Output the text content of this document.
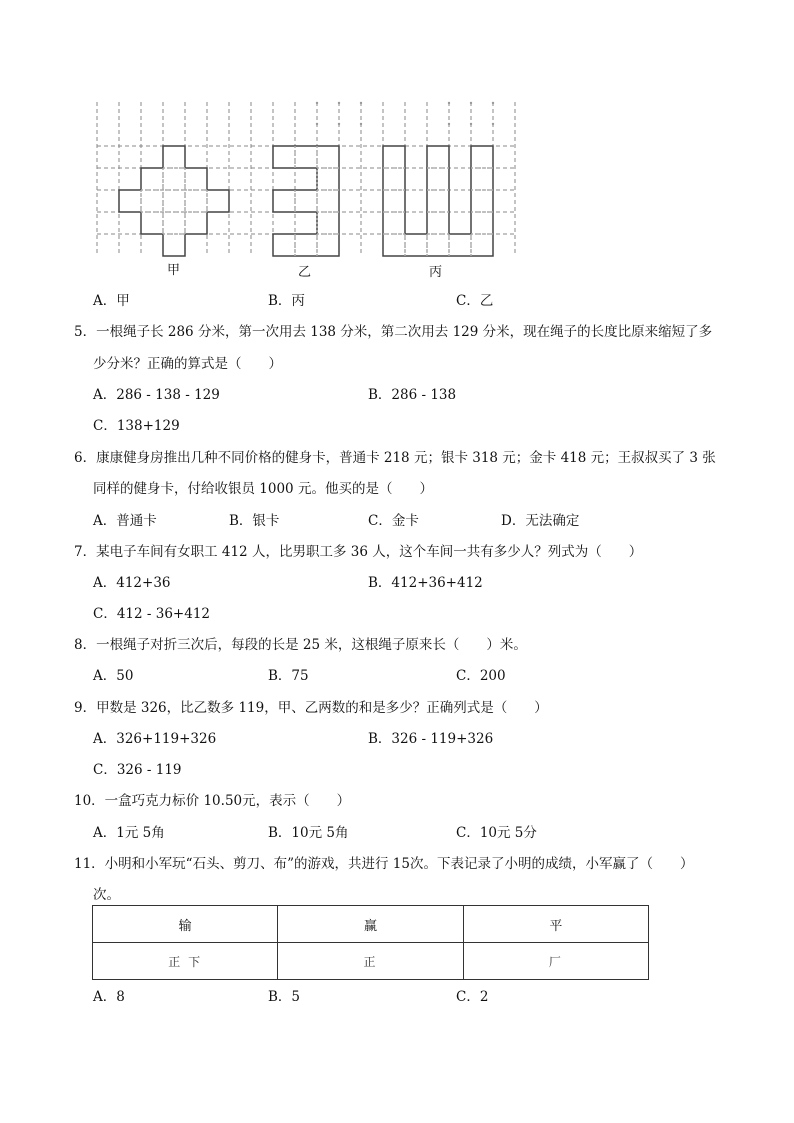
甲	乙	丙
A．甲	B．丙	C．乙
5．一根绳子长 286 分米，第一次用去 138 分米，第二次用去 129 分米，现在绳子的长度比原来缩短了多
少分米？正确的算式是（　　）
A．286 - 138 - 129	B．286 - 138
C．138+129
6．康康健身房推出几种不同价格的健身卡，普通卡 218 元；银卡 318 元；金卡 418 元；王叔叔买了 3 张
同样的健身卡，付给收银员 1000 元。他买的是（　　）
A．普通卡	B．银卡	C．金卡	D．无法确定
7．某电子车间有女职工 412 人，比男职工多 36 人，这个车间一共有多少人？列式为（　　）
A．412+36	B．412+36+412
C．412 - 36+412
8．一根绳子对折三次后，每段的长是 25 米，这根绳子原来长（　　）米。
A．50	B．75	C．200
9．甲数是 326，比乙数多 119，甲、乙两数的和是多少？正确列式是（　　）
A．326+119+326	B．326 - 119+326
C．326 - 119
10．一盒巧克力标价 10.50元，表示（　　）
A．1元 5角	B．10元 5角	C．10元 5分
11．小明和小军玩“石头、剪刀、布”的游戏，共进行 15次。下表记录了小明的成绩，小军赢了（　　）
次。
输	赢	平
正 下	正	厂
A．8	B．5	C．2
